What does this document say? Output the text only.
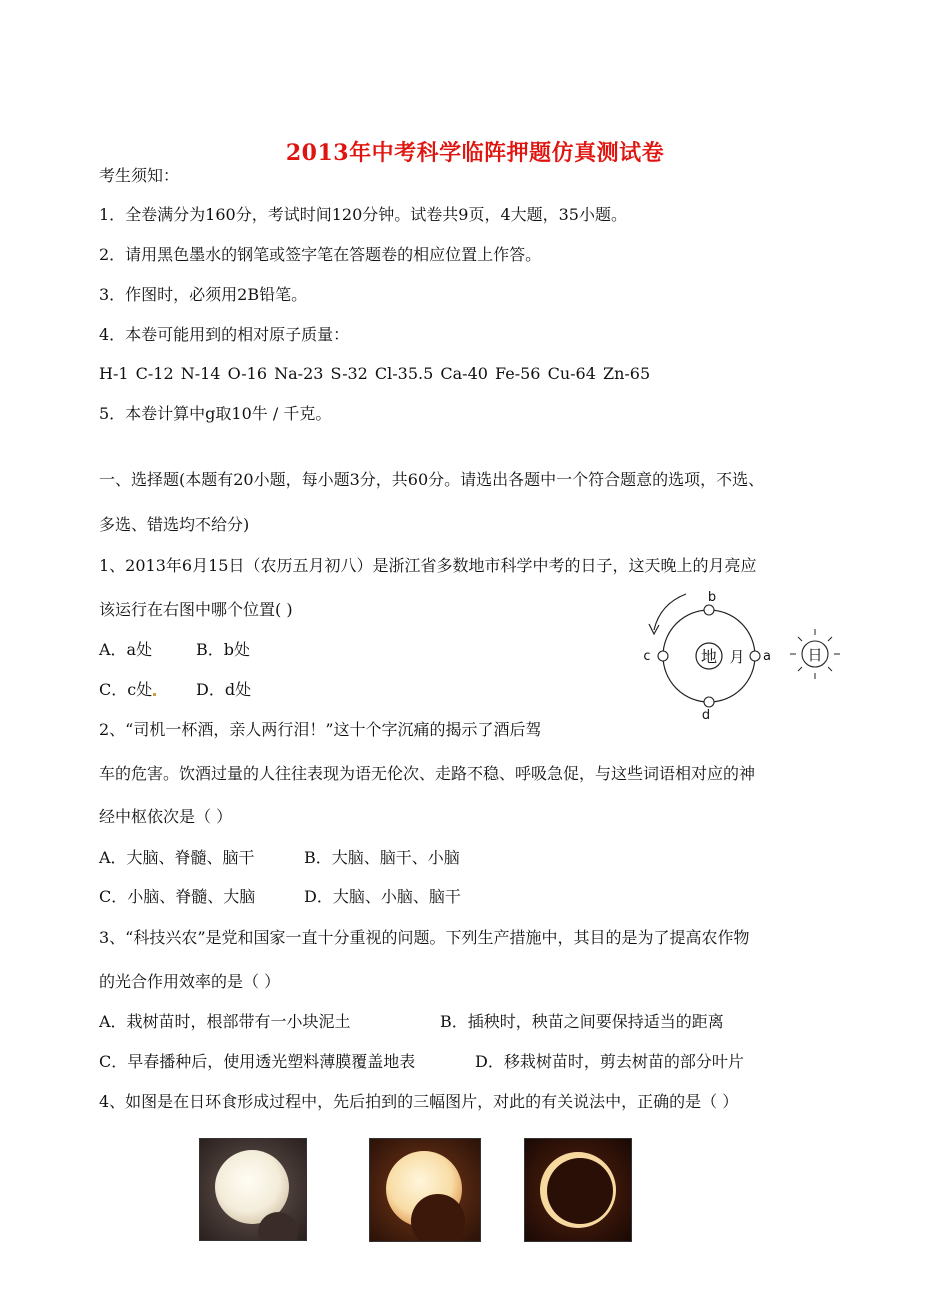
2013年中考科学临阵押题仿真测试卷
考生须知：
1．全卷满分为160分，考试时间120分钟。试卷共9页，4大题，35小题。
2．请用黑色墨水的钢笔或签字笔在答题卷的相应位置上作答。
3．作图时，必须用2B铅笔。
4．本卷可能用到的相对原子质量：
H-1 C-12 N-14 O-16 Na-23 S-32 Cl-35.5 Ca-40 Fe-56 Cu-64 Zn-65
5．本卷计算中g取10牛 / 千克。
一、选择题(本题有20小题，每小题3分，共60分。请选出各题中一个符合题意的选项，不选、
多选、错选均不给分)
1、2013年6月15日（农历五月初八）是浙江省多数地市科学中考的日子，这天晚上的月亮应
该运行在右图中哪个位置( )
A．a处	B．b处
C．c处	D．d处
地 月 a
b
c
d
日
2、“司机一杯酒，亲人两行泪！”这十个字沉痛的揭示了酒后驾
车的危害。饮酒过量的人往往表现为语无伦次、走路不稳、呼吸急促，与这些词语相对应的神
经中枢依次是（ ）
A．大脑、脊髓、脑干	B．大脑、脑干、小脑
C．小脑、脊髓、大脑	D．大脑、小脑、脑干
3、“科技兴农”是党和国家一直十分重视的问题。下列生产措施中，其目的是为了提高农作物
的光合作用效率的是（ ）
A．栽树苗时，根部带有一小块泥土	B．插秧时，秧苗之间要保持适当的距离
C．早春播种后，使用透光塑料薄膜覆盖地表	D．移栽树苗时，剪去树苗的部分叶片
4、如图是在日环食形成过程中，先后拍到的三幅图片，对此的有关说法中，正确的是（ ）
